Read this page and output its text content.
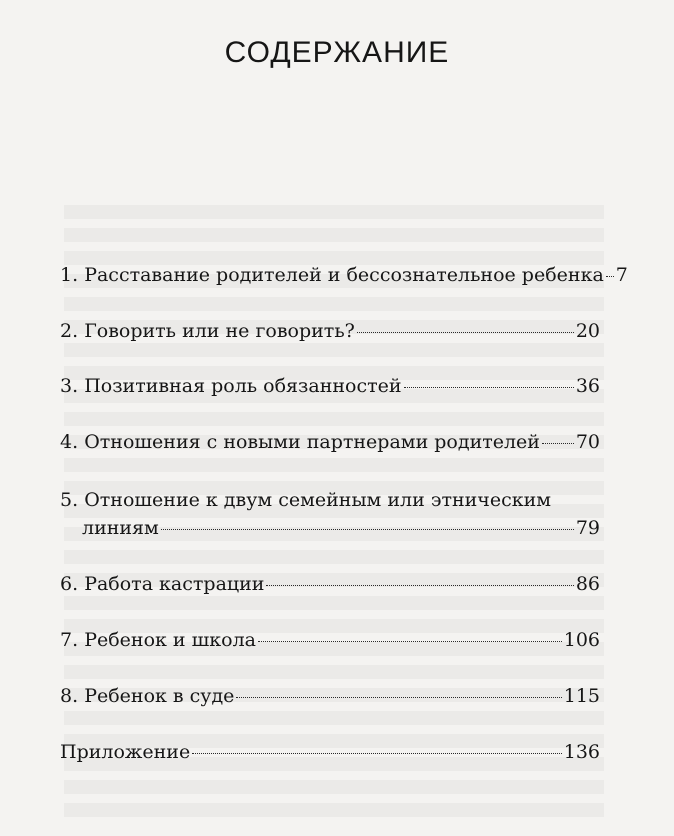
СОДЕРЖАНИЕ
1. Расставание родителей и бессознательное ребенка 7
2. Говорить или не говорить?	20
3. Позитивная роль обязанностей	36
4. Отношения с новыми партнерами родителей 70
5. Отношение к двум семейным или этническим
линиям	79
6. Работа кастрации	86
7. Ребенок и школа	106
8. Ребенок в суде	115
Приложение	136
